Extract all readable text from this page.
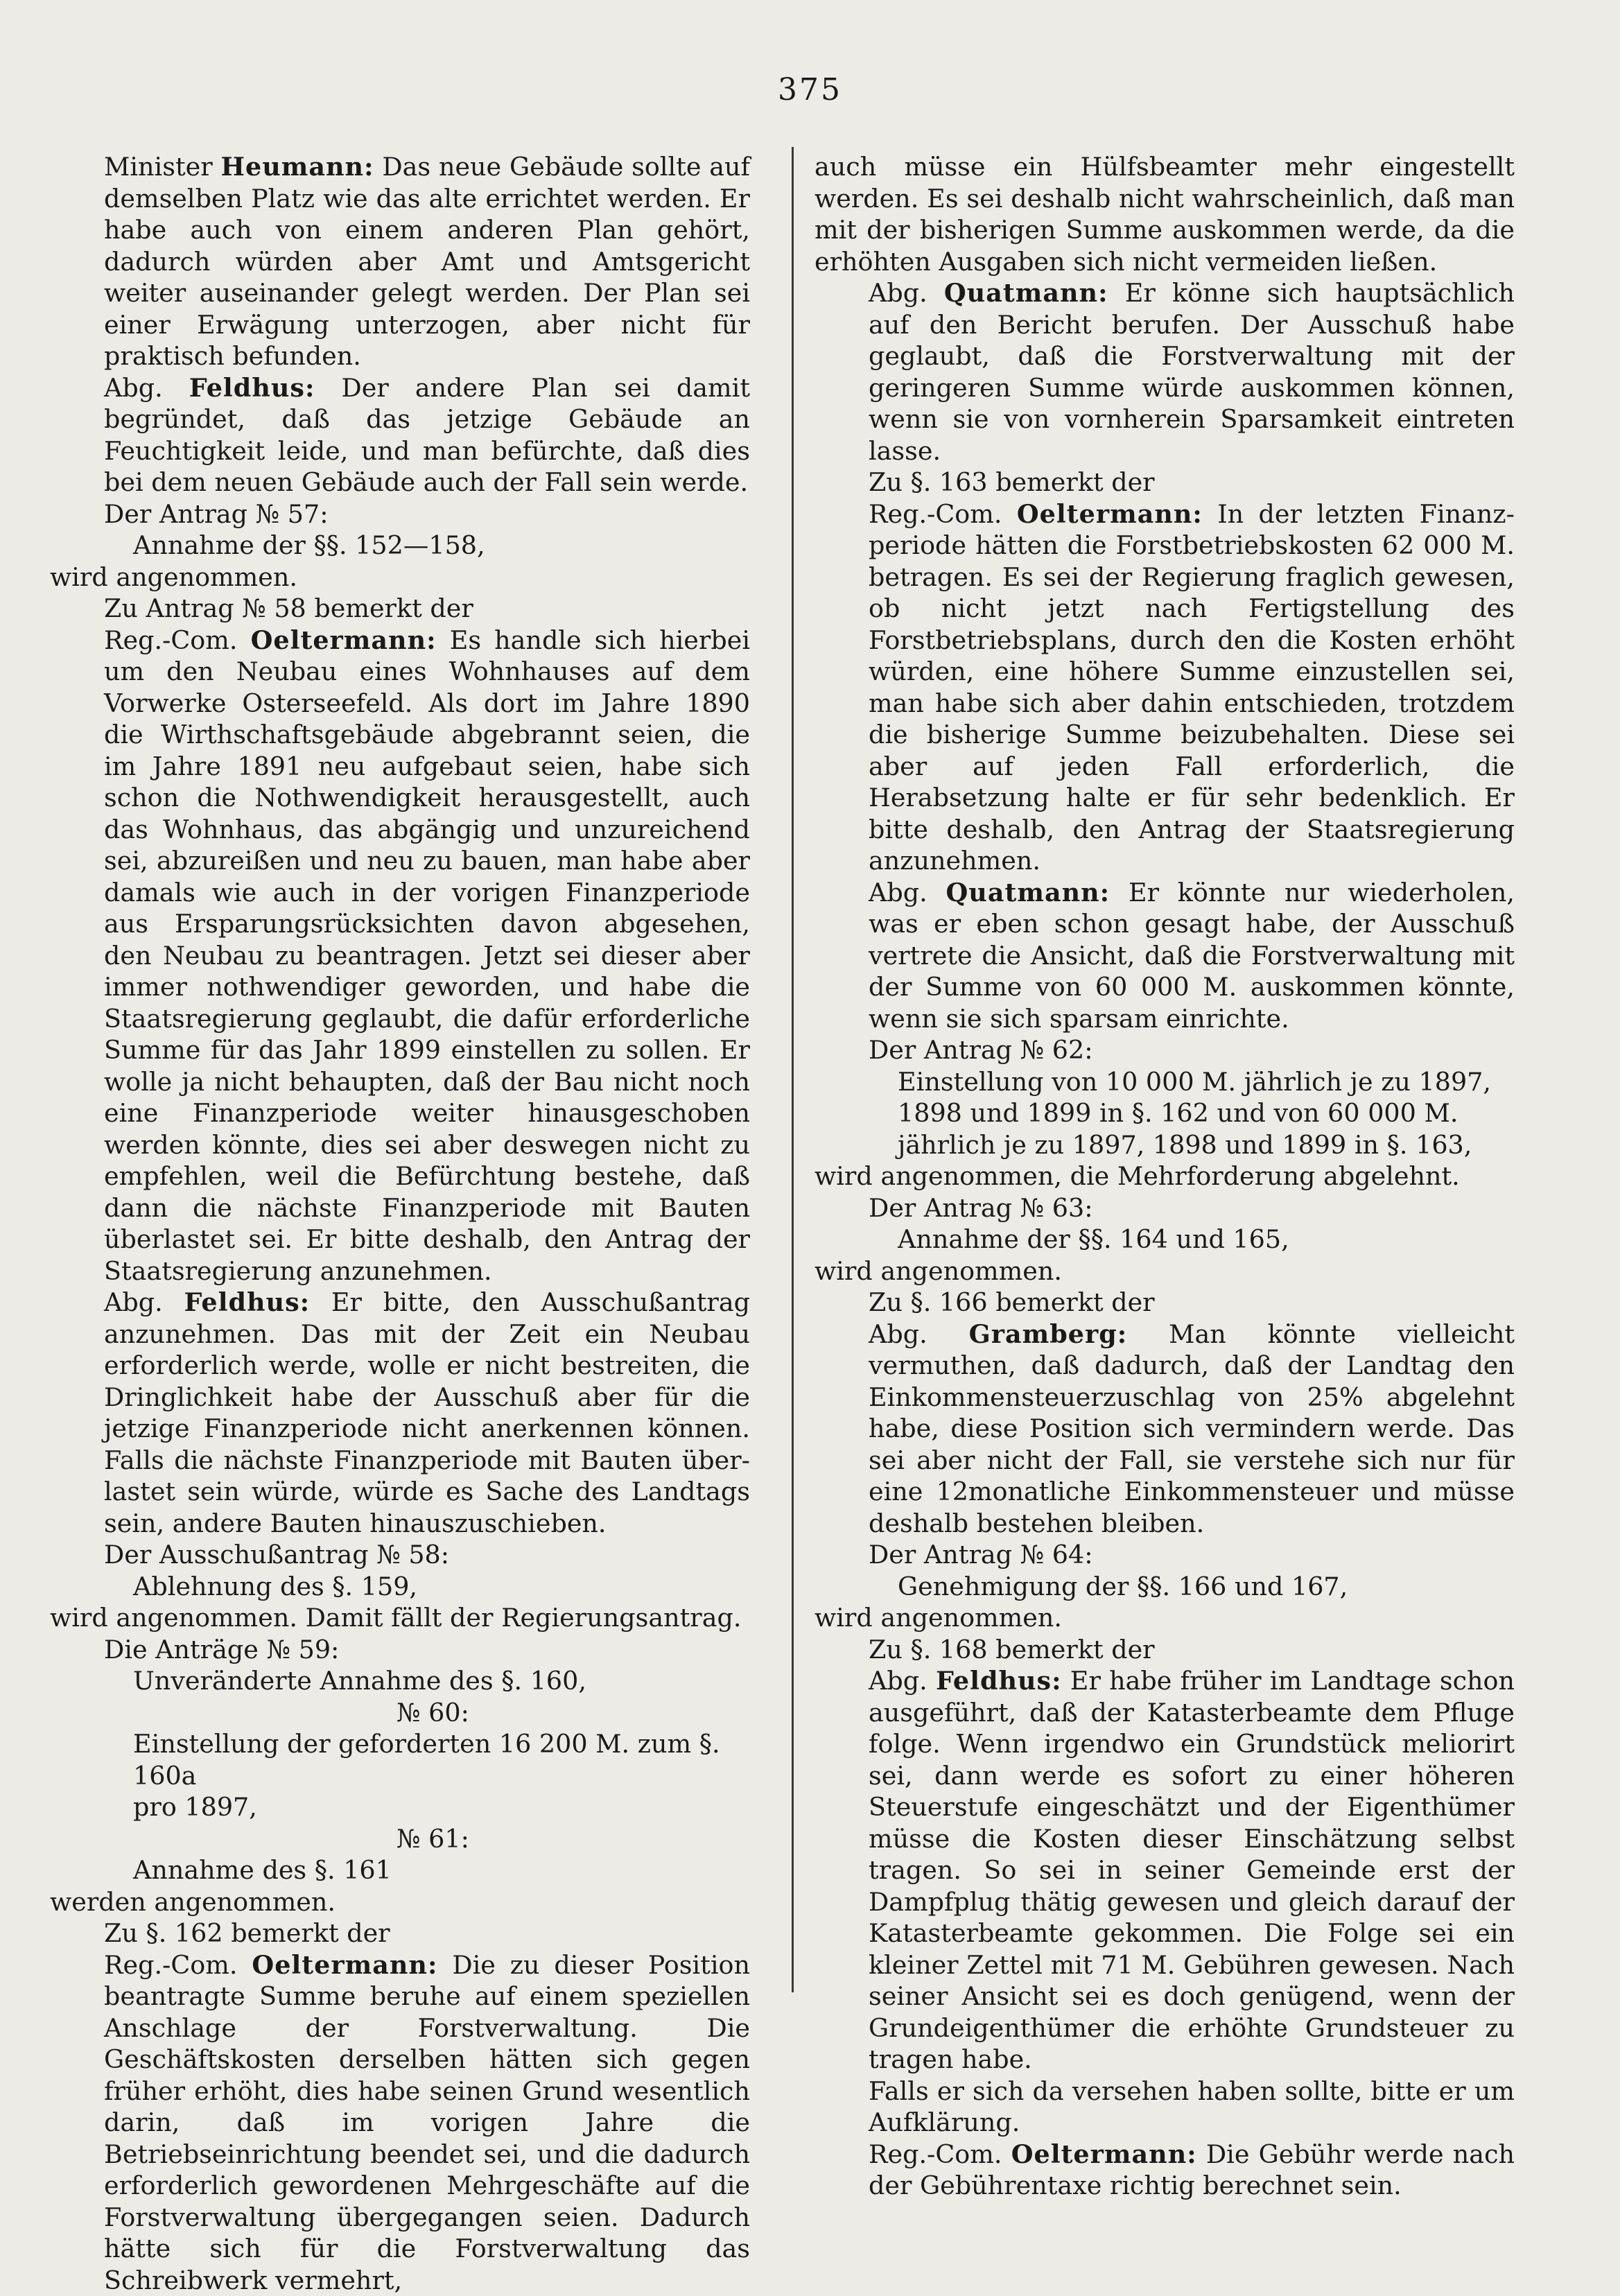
375

Minister Heumann: Das neue Gebäude sollte auf demselben Platz wie das alte errichtet werden. Er habe auch von einem anderen Plan gehört, dadurch würden aber Amt und Amtsgericht weiter auseinander gelegt werden. Der Plan sei einer Erwägung unterzogen, aber nicht für praktisch befunden.

Abg. Feldhus: Der andere Plan sei damit begründet, daß das jetzige Gebäude an Feuchtigkeit leide, und man befürchte, daß dies bei dem neuen Gebäude auch der Fall sein werde.

Der Antrag № 57:

Annahme der §§. 152—158,

wird angenommen.

Zu Antrag № 58 bemerkt der

Reg.-Com. Oeltermann: Es handle sich hierbei um den Neubau eines Wohnhauses auf dem Vorwerke Osterseefeld. Als dort im Jahre 1890 die Wirthschaftsgebäude abgebrannt seien, die im Jahre 1891 neu aufgebaut seien, habe sich schon die Nothwendigkeit herausgestellt, auch das Wohnhaus, das abgängig und unzureichend sei, abzureißen und neu zu bauen, man habe aber damals wie auch in der vorigen Finanzperiode aus Ersparungsrücksichten davon abgesehen, den Neubau zu beantragen. Jetzt sei dieser aber immer nothwendiger geworden, und habe die Staatsregierung geglaubt, die dafür erforderliche Summe für das Jahr 1899 einstellen zu sollen. Er wolle ja nicht behaupten, daß der Bau nicht noch eine Finanzperiode weiter hinausgeschoben werden könnte, dies sei aber deswegen nicht zu empfehlen, weil die Befürchtung bestehe, daß dann die nächste Finanzperiode mit Bauten überlastet sei. Er bitte deshalb, den Antrag der Staatsregierung anzunehmen.

Abg. Feldhus: Er bitte, den Ausschußantrag anzunehmen. Das mit der Zeit ein Neubau erforderlich werde, wolle er nicht bestreiten, die Dringlichkeit habe der Ausschuß aber für die jetzige Finanzperiode nicht anerkennen können. Falls die nächste Finanzperiode mit Bauten überlastet sein würde, würde es Sache des Landtags sein, andere Bauten hinauszuschieben.

Der Ausschußantrag № 58:

Ablehnung des §. 159,

wird angenommen. Damit fällt der Regierungsantrag.

Die Anträge № 59:

Unveränderte Annahme des §. 160,

№ 60:

Einstellung der geforderten 16 200 M. zum §. 160a

pro 1897,

№ 61:

Annahme des §. 161

werden angenommen.

Zu §. 162 bemerkt der

Reg.-Com. Oeltermann: Die zu dieser Position beantragte Summe beruhe auf einem speziellen Anschlage der Forstverwaltung. Die Geschäftskosten derselben hätten sich gegen früher erhöht, dies habe seinen Grund wesentlich darin, daß im vorigen Jahre die Betriebseinrichtung beendet sei, und die dadurch erforderlich gewordenen Mehrgeschäfte auf die Forstverwaltung übergegangen seien. Dadurch hätte sich für die Forstverwaltung das Schreibwerk vermehrt,

auch müsse ein Hülfsbeamter mehr eingestellt werden. Es sei deshalb nicht wahrscheinlich, daß man mit der bisherigen Summe auskommen werde, da die erhöhten Ausgaben sich nicht vermeiden ließen.

Abg. Quatmann: Er könne sich hauptsächlich auf den Bericht berufen. Der Ausschuß habe geglaubt, daß die Forstverwaltung mit der geringeren Summe würde auskommen können, wenn sie von vornherein Sparsamkeit eintreten lasse.

Zu §. 163 bemerkt der

Reg.-Com. Oeltermann: In der letzten Finanzperiode hätten die Forstbetriebskosten 62 000 M. betragen. Es sei der Regierung fraglich gewesen, ob nicht jetzt nach Fertigstellung des Forstbetriebsplans, durch den die Kosten erhöht würden, eine höhere Summe einzustellen sei, man habe sich aber dahin entschieden, trotzdem die bisherige Summe beizubehalten. Diese sei aber auf jeden Fall erforderlich, die Herabsetzung halte er für sehr bedenklich. Er bitte deshalb, den Antrag der Staatsregierung anzunehmen.

Abg. Quatmann: Er könnte nur wiederholen, was er eben schon gesagt habe, der Ausschuß vertrete die Ansicht, daß die Forstverwaltung mit der Summe von 60 000 M. auskommen könnte, wenn sie sich sparsam einrichte.

Der Antrag № 62:

Einstellung von 10 000 M. jährlich je zu 1897,

1898 und 1899 in §. 162 und von 60 000 M.

jährlich je zu 1897, 1898 und 1899 in §. 163,

wird angenommen, die Mehrforderung abgelehnt.

Der Antrag № 63:

Annahme der §§. 164 und 165,

wird angenommen.

Zu §. 166 bemerkt der

Abg. Gramberg: Man könnte vielleicht vermuthen, daß dadurch, daß der Landtag den Einkommensteuerzuschlag von 25% abgelehnt habe, diese Position sich vermindern werde. Das sei aber nicht der Fall, sie verstehe sich nur für eine 12monatliche Einkommensteuer und müsse deshalb bestehen bleiben.

Der Antrag № 64:

Genehmigung der §§. 166 und 167,

wird angenommen.

Zu §. 168 bemerkt der

Abg. Feldhus: Er habe früher im Landtage schon ausgeführt, daß der Katasterbeamte dem Pfluge folge. Wenn irgendwo ein Grundstück meliorirt sei, dann werde es sofort zu einer höheren Steuerstufe eingeschätzt und der Eigenthümer müsse die Kosten dieser Einschätzung selbst tragen. So sei in seiner Gemeinde erst der Dampfplug thätig gewesen und gleich darauf der Katasterbeamte gekommen. Die Folge sei ein kleiner Zettel mit 71 M. Gebühren gewesen. Nach seiner Ansicht sei es doch genügend, wenn der Grundeigenthümer die erhöhte Grundsteuer zu tragen habe.

Falls er sich da versehen haben sollte, bitte er um Aufklärung.

Reg.-Com. Oeltermann: Die Gebühr werde nach der Gebührentaxe richtig berechnet sein.
